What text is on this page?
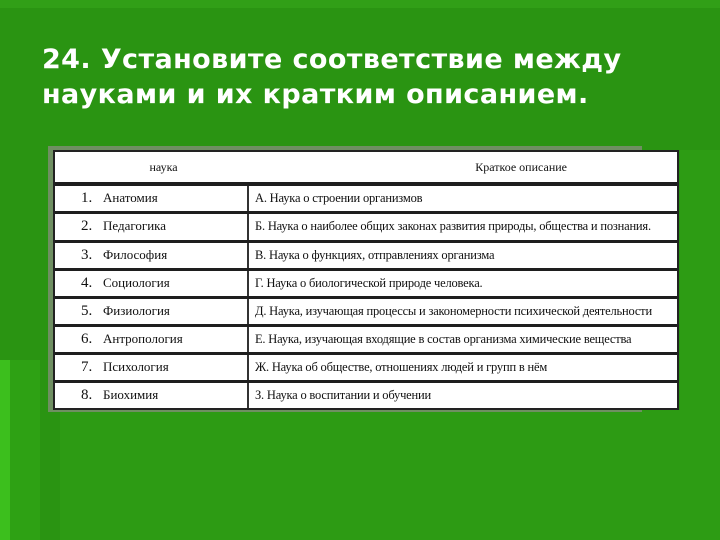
24. Установите соответствие между
науками и их кратким описанием.
наука	Краткое описание
1. Анатомия	А. Наука о строении организмов
2. Педагогика	Б. Наука о наиболее общих законах развития природы, общества и познания.
3. Философия	В. Наука о функциях, отправлениях организма
4. Социология	Г. Наука о биологической природе человека.
5. Физиология	Д. Наука, изучающая процессы и закономерности психической деятельности
6. Антропология	Е. Наука, изучающая входящие в состав организма химические вещества
7. Психология	Ж. Наука об обществе, отношениях людей и групп в нём
8. Биохимия	З. Наука о воспитании и обучении
